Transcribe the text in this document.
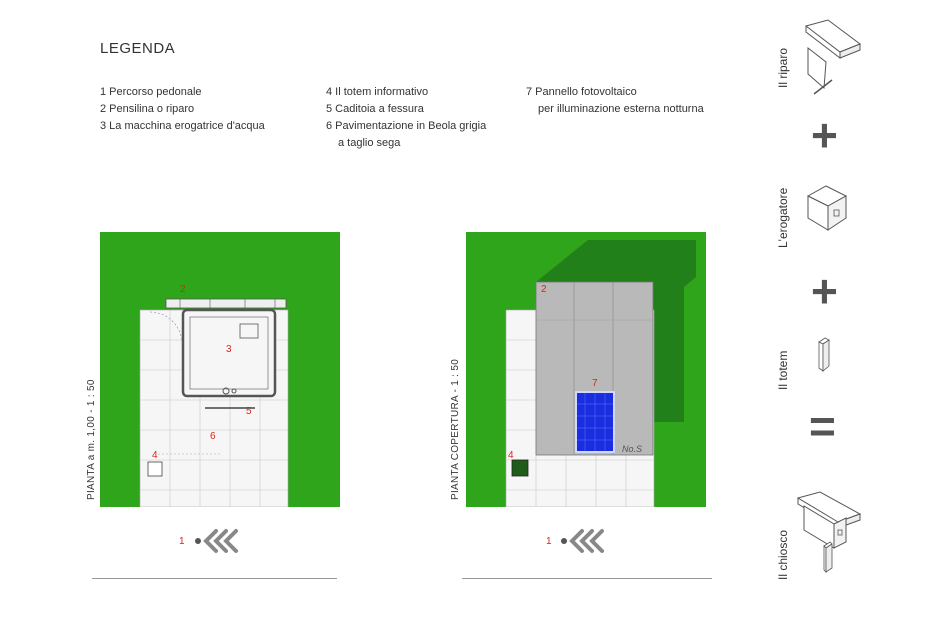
LEGENDA
1 Percorso pedonale
2 Pensilina o riparo
3 La macchina erogatrice d'acqua
4 Il totem informativo
5 Caditoia a fessura
6 Pavimentazione in Beola grigia
a taglio sega
7 Pannello fotovoltaico
per illuminazione esterna notturna
PIANTA a m. 1,00 - 1 : 50
2
3
5
6
4
1
PIANTA COPERTURA - 1 : 50
2
7
4
No.S
1
Il riparo
+
L'erogatore
+
Il totem
=
Il chiosco
